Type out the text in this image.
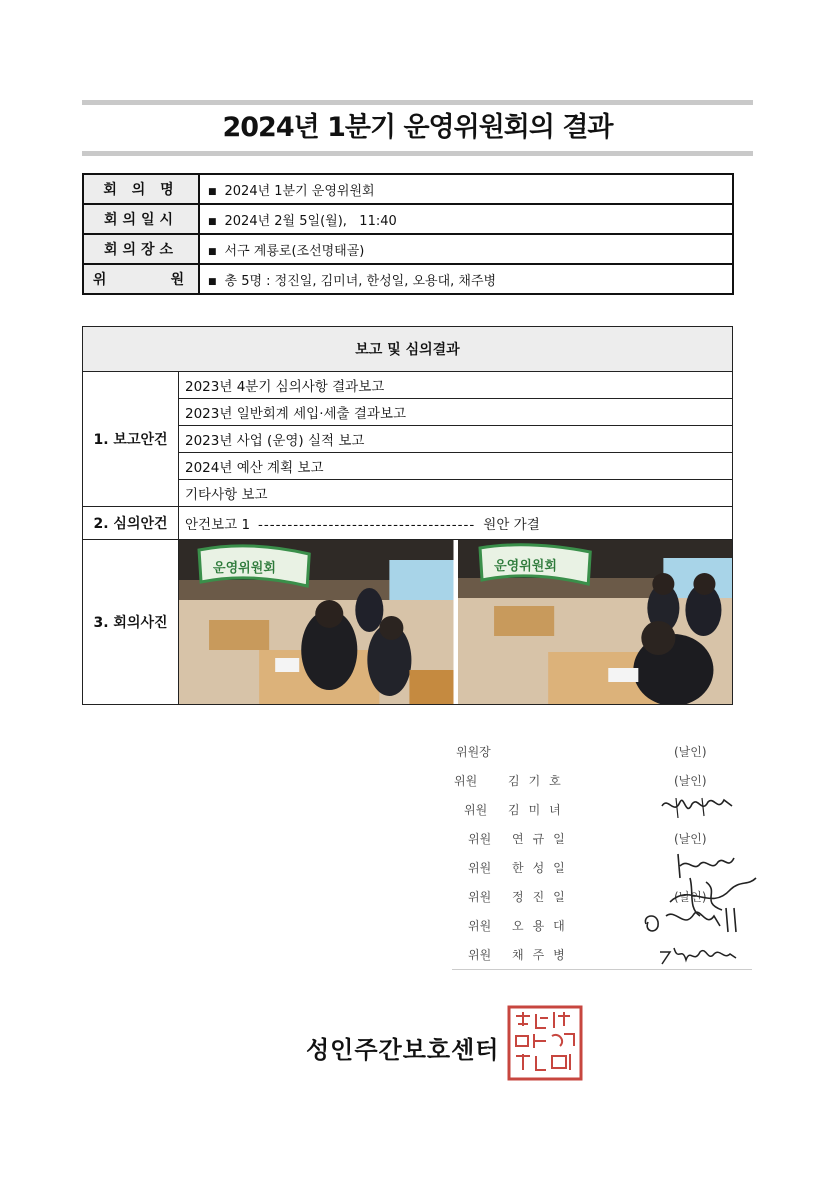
2024년 1분기 운영위원회의 결과
회 의 명	■ 2024년 1분기 운영위원회
회의일시	■ 2024년 2월 5일(월),   11:40
회의장소	■ 서구 계룡로(조선명태골)
위      원	■ 총 5명 : 정진일, 김미녀, 한성일, 오용대, 채주병
보고 및 심의결과	
1. 보고안건	2023년 4분기 심의사항 결과보고
	2023년 일반회계 세입·세출 결과보고
	2023년 사업 (운영) 실적 보고
	2024년 예산 계획 보고
	기타사항 보고
2. 심의안건	안건보고 1 ------------------------------------- 원안 가결
3. 회의사진	운영위원회 운영위원회
위원장	(날인)
위원	김기호	(날인)
위원 김미녀
위원 연규일	(날인)
위원 한성일
위원 정진일	(날인)
위원 오용대
위원 채주병
성인주간보호센터
